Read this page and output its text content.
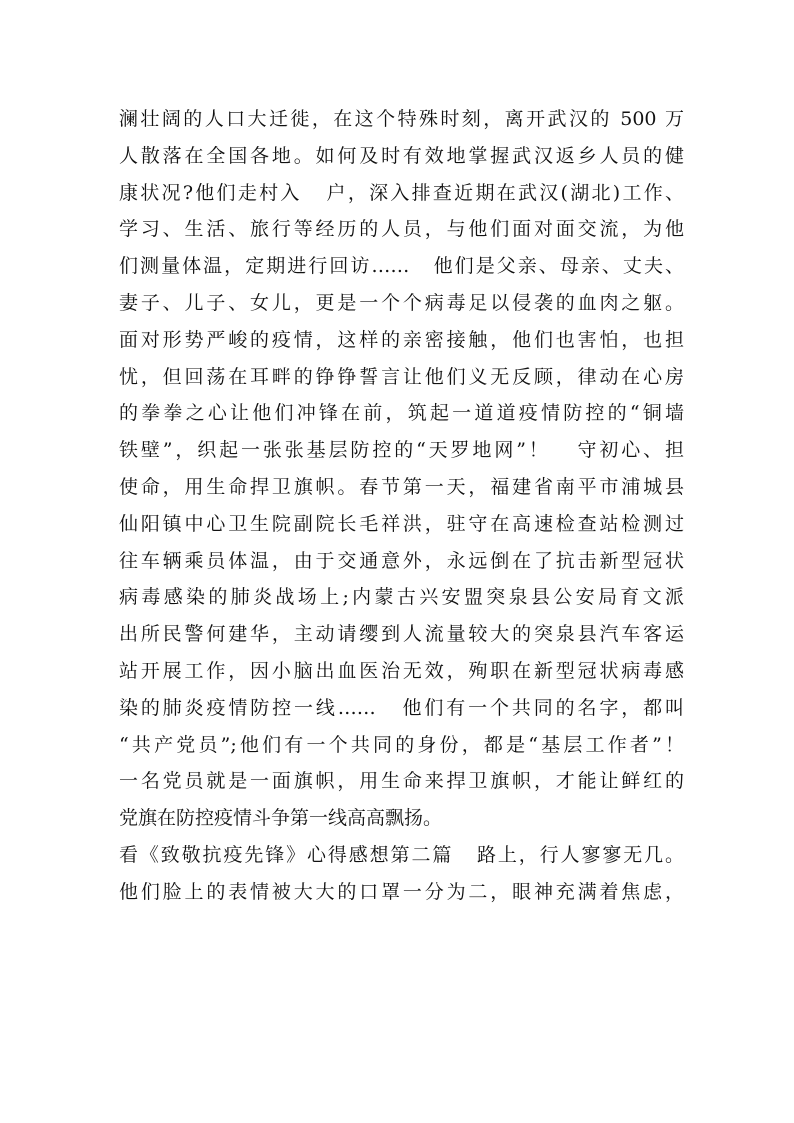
澜壮阔的人口大迁徙，在这个特殊时刻，离开武汉的 500 万
人散落在全国各地。如何及时有效地掌握武汉返乡人员的健
康状况?他们走村入   户，深入排查近期在武汉(湖北)工作、
学习、生活、旅行等经历的人员，与他们面对面交流，为他
们测量体温，定期进行回访……   他们是父亲、母亲、丈夫、
妻子、儿子、女儿，更是一个个病毒足以侵袭的血肉之躯。
面对形势严峻的疫情，这样的亲密接触，他们也害怕，也担
忧，但回荡在耳畔的铮铮誓言让他们义无反顾，律动在心房
的拳拳之心让他们冲锋在前，筑起一道道疫情防控的“铜墙
铁壁”，织起一张张基层防控的“天罗地网”！   守初心、担
使命，用生命捍卫旗帜。春节第一天，福建省南平市浦城县
仙阳镇中心卫生院副院长毛祥洪，驻守在高速检查站检测过
往车辆乘员体温，由于交通意外，永远倒在了抗击新型冠状
病毒感染的肺炎战场上;内蒙古兴安盟突泉县公安局育文派
出所民警何建华，主动请缨到人流量较大的突泉县汽车客运
站开展工作，因小脑出血医治无效，殉职在新型冠状病毒感
染的肺炎疫情防控一线……   他们有一个共同的名字，都叫
“共产党员”;他们有一个共同的身份，都是“基层工作者”！
一名党员就是一面旗帜，用生命来捍卫旗帜，才能让鲜红的
党旗在防控疫情斗争第一线高高飘扬。
看《致敬抗疫先锋》心得感想第二篇   路上，行人寥寥无几。
他们脸上的表情被大大的口罩一分为二，眼神充满着焦虑，
